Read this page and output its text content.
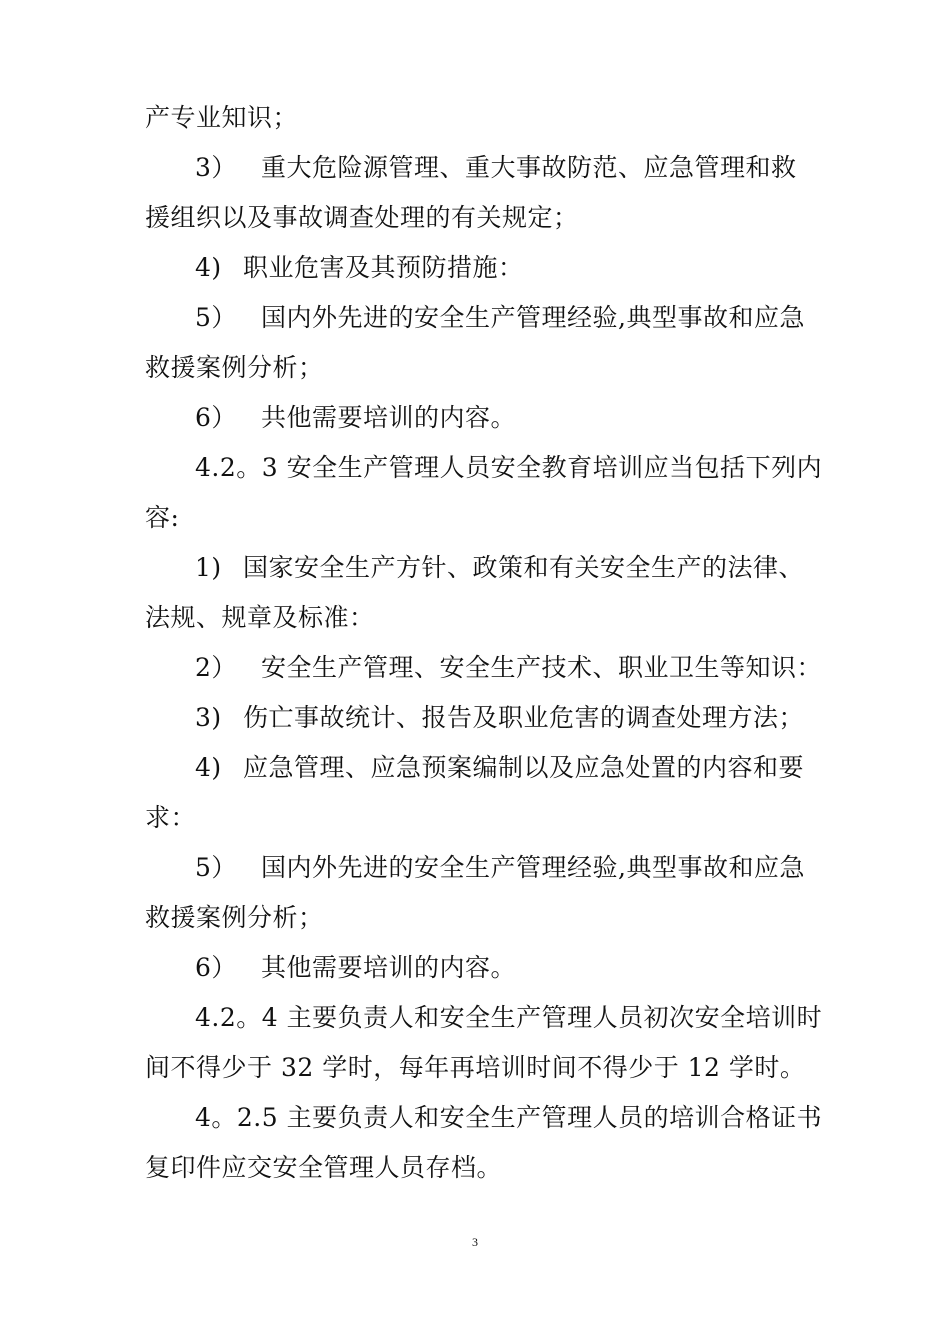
产专业知识；
3） 重大危险源管理、重大事故防范、应急管理和救
援组织以及事故调查处理的有关规定；
4) 职业危害及其预防措施：
5） 国内外先进的安全生产管理经验,典型事故和应急
救援案例分析；
6） 共他需要培训的内容。
4.2。3 安全生产管理人员安全教育培训应当包括下列内
容:
1) 国家安全生产方针、政策和有关安全生产的法律、
法规、规章及标准：
2） 安全生产管理、安全生产技术、职业卫生等知识：
3) 伤亡事故统计、报告及职业危害的调查处理方法；
4) 应急管理、应急预案编制以及应急处置的内容和要
求：
5） 国内外先进的安全生产管理经验,典型事故和应急
救援案例分析；
6） 其他需要培训的内容。
4.2。4 主要负责人和安全生产管理人员初次安全培训时
间不得少于 32 学时，每年再培训时间不得少于 12 学时。
4。2.5 主要负责人和安全生产管理人员的培训合格证书
复印件应交安全管理人员存档。
3
